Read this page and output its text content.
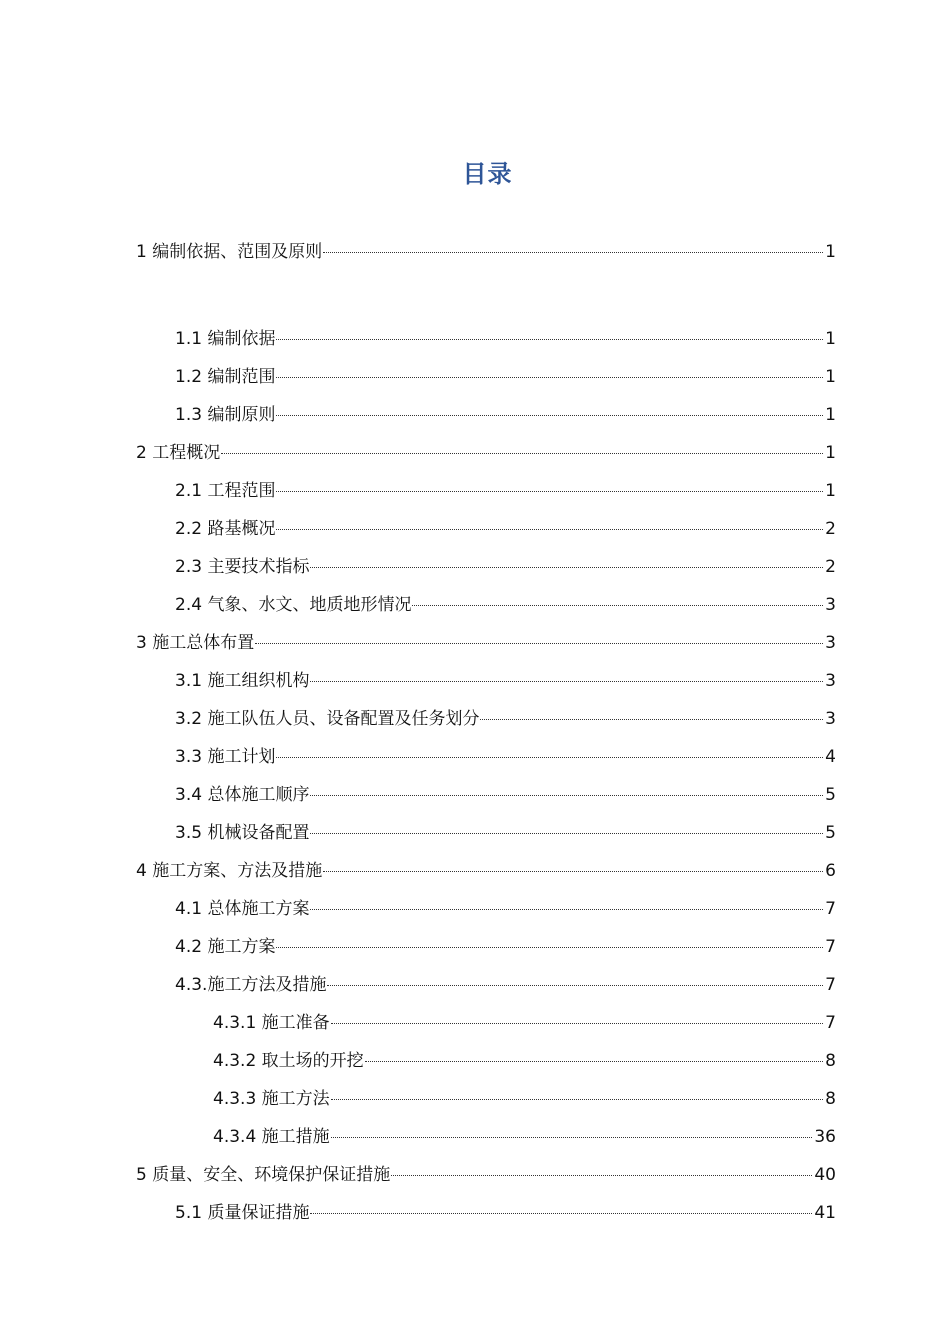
目录
1 编制依据、范围及原则	1
1.1 编制依据	1
1.2 编制范围	1
1.3 编制原则	1
2 工程概况	1
2.1 工程范围	1
2.2 路基概况	2
2.3 主要技术指标	2
2.4 气象、水文、地质地形情况	3
3 施工总体布置	3
3.1 施工组织机构	3
3.2 施工队伍人员、设备配置及任务划分	3
3.3 施工计划	4
3.4 总体施工顺序	5
3.5 机械设备配置	5
4 施工方案、方法及措施	6
4.1 总体施工方案	7
4.2 施工方案	7
4.3.施工方法及措施	7
4.3.1 施工准备	7
4.3.2 取土场的开挖	8
4.3.3 施工方法	8
4.3.4 施工措施	36
5 质量、安全、环境保护保证措施	40
5.1 质量保证措施	41
